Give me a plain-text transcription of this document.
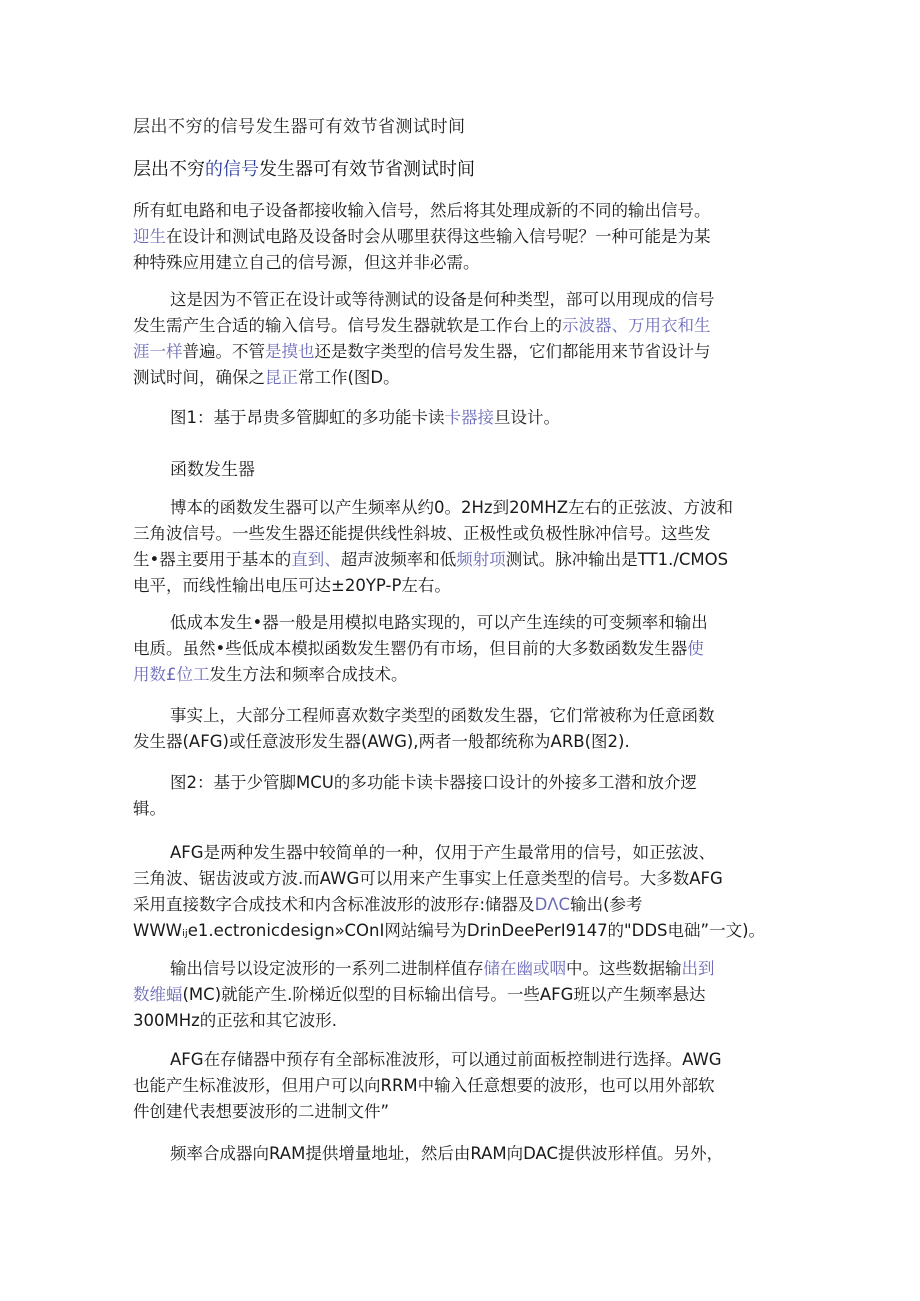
层出不穷的信号发生器可有效节省测试时间
层出不穷的信号发生器可有效节省测试时间

所有虹电路和电子设备都接收输入信号，然后将其处理成新的不同的输出信号。
迎生在设计和测试电路及设备时会从哪里获得这些输入信号呢？一种可能是为某
种特殊应用建立自己的信号源，但这并非必需。

这是因为不管正在设计或等待测试的设备是何种类型，部可以用现成的信号
发生需产生合适的输入信号。信号发生器就软是工作台上的示波器、万用衣和生
涯一样普遍。不管是摸也还是数字类型的信号发生器，它们都能用来节省设计与
测试时间，确保之昆正常工作(图D。

图1：基于昂贵多管脚虹的多功能卡读卡器接旦设计。

函数发生器

博本的函数发生器可以产生频率从约0。2Hz到20MHZ左右的正弦波、方波和
三角波信号。一些发生器还能提供线性斜坡、正极性或负极性脉冲信号。这些发
生•器主要用于基本的直到、超声波频率和低频射项测试。脉冲输出是TT1./CMOS
电平，而线性输出电压可达±20YP-P左右。

低成本发生•器一般是用模拟电路实现的，可以产生连续的可变频率和输出
电质。虽然•些低成本模拟函数发生罂仍有市场，但目前的大多数函数发生器使
用数£位工发生方法和频率合成技术。

事实上，大部分工程师喜欢数字类型的函数发生器，它们常被称为任意函数
发生器(AFG)或任意波形发生器(AWG),两者一般都统称为ARB(图2).

图2：基于少管脚MCU的多功能卡读卡器接口设计的外接多工潜和放介逻
辑。

AFG是两种发生器中较简单的一种，仅用于产生最常用的信号，如正弦波、
三角波、锯齿波或方波.而AWG可以用来产生事实上任意类型的信号。大多数AFG
采用直接数字合成技术和内含标准波形的波形存:储器及DΛC输出(参考
WWWᵢⱼe1.ectronicdesign»COnI网站编号为DrinDeePerI9147的"DDS电础”一文)。

输出信号以设定波形的一系列二进制样值存储在幽或咽中。这些数据输出到
数维蝠(MC)就能产生.阶梯近似型的目标输出信号。一些AFG班以产生频率悬达
300MHz的正弦和其它波形.

AFG在存储器中预存有全部标准波形，可以通过前面板控制进行选择。AWG
也能产生标准波形，但用户可以向RRM中输入任意想要的波形，也可以用外部软
件创建代表想要波形的二进制文件”

频率合成器向RAM提供增量地址，然后由RAM向DAC提供波形样值。另外，
